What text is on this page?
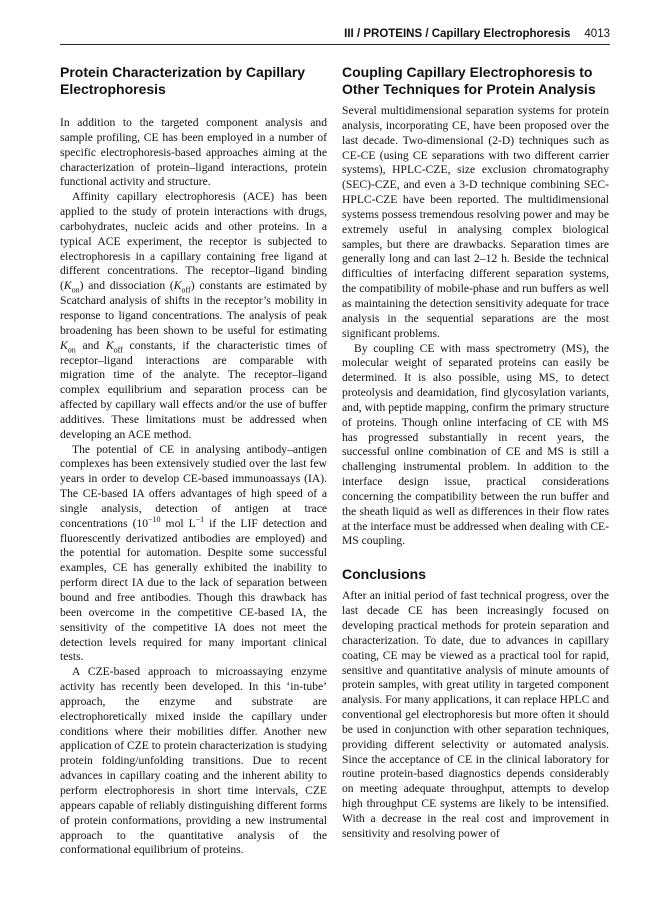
III / PROTEINS / Capillary Electrophoresis 4013
Protein Characterization by Capillary Electrophoresis

In addition to the targeted component analysis and sample profiling, CE has been employed in a number of specific electrophoresis-based approaches aiming at the characterization of protein–ligand interactions, protein functional activity and structure.

Affinity capillary electrophoresis (ACE) has been applied to the study of protein interactions with drugs, carbohydrates, nucleic acids and other proteins. In a typical ACE experiment, the receptor is subjected to electrophoresis in a capillary containing free ligand at different concentrations. The receptor–ligand binding $(K_{on})$ and dissociation $(K_{off})$ constants are estimated by Scatchard analysis of shifts in the receptor’s mobility in response to ligand concentrations. The analysis of peak broadening has been shown to be useful for estimating $K_{on}$ and $K_{off}$ constants, if the characteristic times of receptor–ligand interactions are comparable with migration time of the analyte. The receptor–ligand complex equilibrium and separation process can be affected by capillary wall effects and/or the use of buffer additives. These limitations must be addressed when developing an ACE method.

The potential of CE in analysing antibody–antigen complexes has been extensively studied over the last few years in order to develop CE-based immunoassays (IA). The CE-based IA offers advantages of high speed of a single analysis, detection of antigen at trace concentrations ($10^{-10}$ mol $L^{-1}$ if the LIF detection and fluorescently derivatized antibodies are employed) and the potential for automation. Despite some successful examples, CE has generally exhibited the inability to perform direct IA due to the lack of separation between bound and free antibodies. Though this drawback has been overcome in the competitive CE-based IA, the sensitivity of the competitive IA does not meet the detection levels required for many important clinical tests.

A CZE-based approach to microassaying enzyme activity has recently been developed. In this ‘in-tube’ approach, the enzyme and substrate are electrophoretically mixed inside the capillary under conditions where their mobilities differ. Another new application of CZE to protein characterization is studying protein folding/unfolding transitions. Due to recent advances in capillary coating and the inherent ability to perform electrophoresis in short time intervals, CZE appears capable of reliably distinguishing different forms of protein conformations, providing a new instrumental approach to the quantitative analysis of the conformational equilibrium of proteins.

Coupling Capillary Electrophoresis to Other Techniques for Protein Analysis

Several multidimensional separation systems for protein analysis, incorporating CE, have been proposed over the last decade. Two-dimensional (2-D) techniques such as CE-CE (using CE separations with two different carrier systems), HPLC-CZE, size exclusion chromatography (SEC)-CZE, and even a 3-D technique combining SEC-HPLC-CZE have been reported. The multidimensional systems possess tremendous resolving power and may be extremely useful in analysing complex biological samples, but there are drawbacks. Separation times are generally long and can last 2–12 h. Beside the technical difficulties of interfacing different separation systems, the compatibility of mobile-phase and run buffers as well as maintaining the detection sensitivity adequate for trace analysis in the sequential separations are the most significant problems.

By coupling CE with mass spectrometry (MS), the molecular weight of separated proteins can easily be determined. It is also possible, using MS, to detect proteolysis and deamidation, find glycosylation variants, and, with peptide mapping, confirm the primary structure of proteins. Though online interfacing of CE with MS has progressed substantially in recent years, the successful online combination of CE and MS is still a challenging instrumental problem. In addition to the interface design issue, practical considerations concerning the compatibility between the run buffer and the sheath liquid as well as differences in their flow rates at the interface must be addressed when dealing with CE-MS coupling.

Conclusions

After an initial period of fast technical progress, over the last decade CE has been increasingly focused on developing practical methods for protein separation and characterization. To date, due to advances in capillary coating, CE may be viewed as a practical tool for rapid, sensitive and quantitative analysis of minute amounts of protein samples, with great utility in targeted component analysis. For many applications, it can replace HPLC and conventional gel electrophoresis but more often it should be used in conjunction with other separation techniques, providing different selectivity or automated analysis. Since the acceptance of CE in the clinical laboratory for routine protein-based diagnostics depends considerably on meeting adequate throughput, attempts to develop high throughput CE systems are likely to be intensified. With a decrease in the real cost and improvement in sensitivity and resolving power of
